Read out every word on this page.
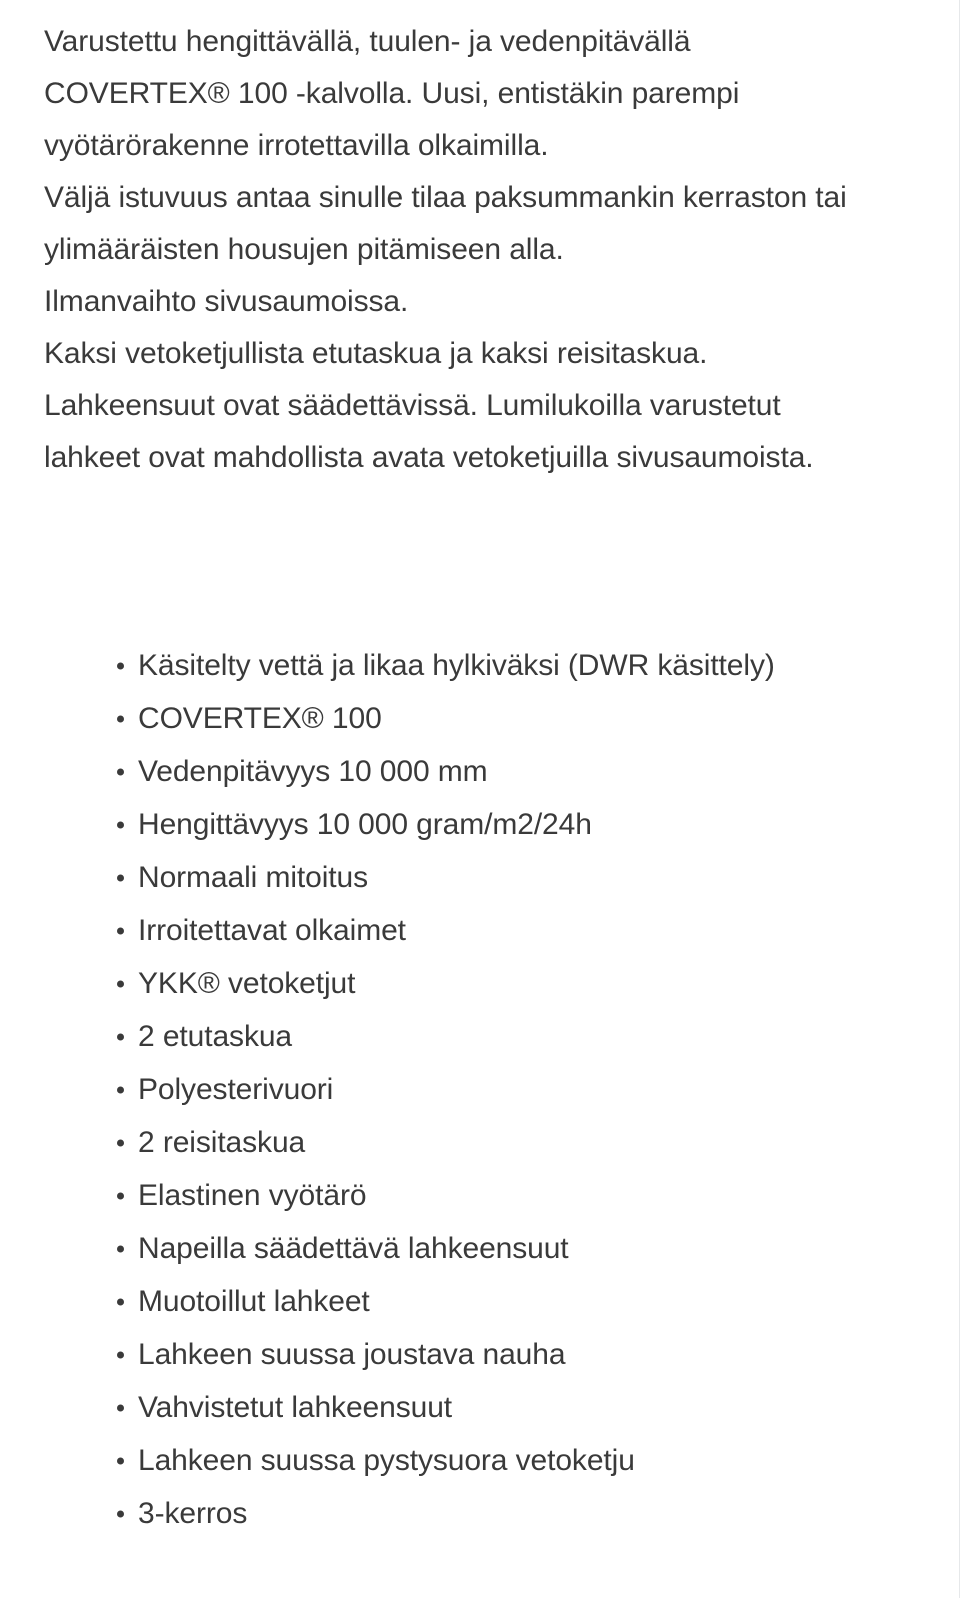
Varustettu hengittävällä, tuulen- ja vedenpitävällä COVERTEX® 100 -kalvolla. Uusi, entistäkin parempi vyötärörakenne irrotettavilla olkaimilla.

Väljä istuvuus antaa sinulle tilaa paksummankin kerraston tai ylimääräisten housujen pitämiseen alla.

Ilmanvaihto sivusaumoissa.

Kaksi vetoketjullista etutaskua ja kaksi reisitaskua.

Lahkeensuut ovat säädettävissä. Lumilukoilla varustetut lahkeet ovat mahdollista avata vetoketjuilla sivusaumoista.

Käsitelty vettä ja likaa hylkiväksi (DWR käsittely)
COVERTEX® 100
Vedenpitävyys 10 000 mm
Hengittävyys 10 000 gram/m2/24h
Normaali mitoitus
Irroitettavat olkaimet
YKK® vetoketjut
2 etutaskua
Polyesterivuori
2 reisitaskua
Elastinen vyötärö
Napeilla säädettävä lahkeensuut
Muotoillut lahkeet
Lahkeen suussa joustava nauha
Vahvistetut lahkeensuut
Lahkeen suussa pystysuora vetoketju
3-kerros
